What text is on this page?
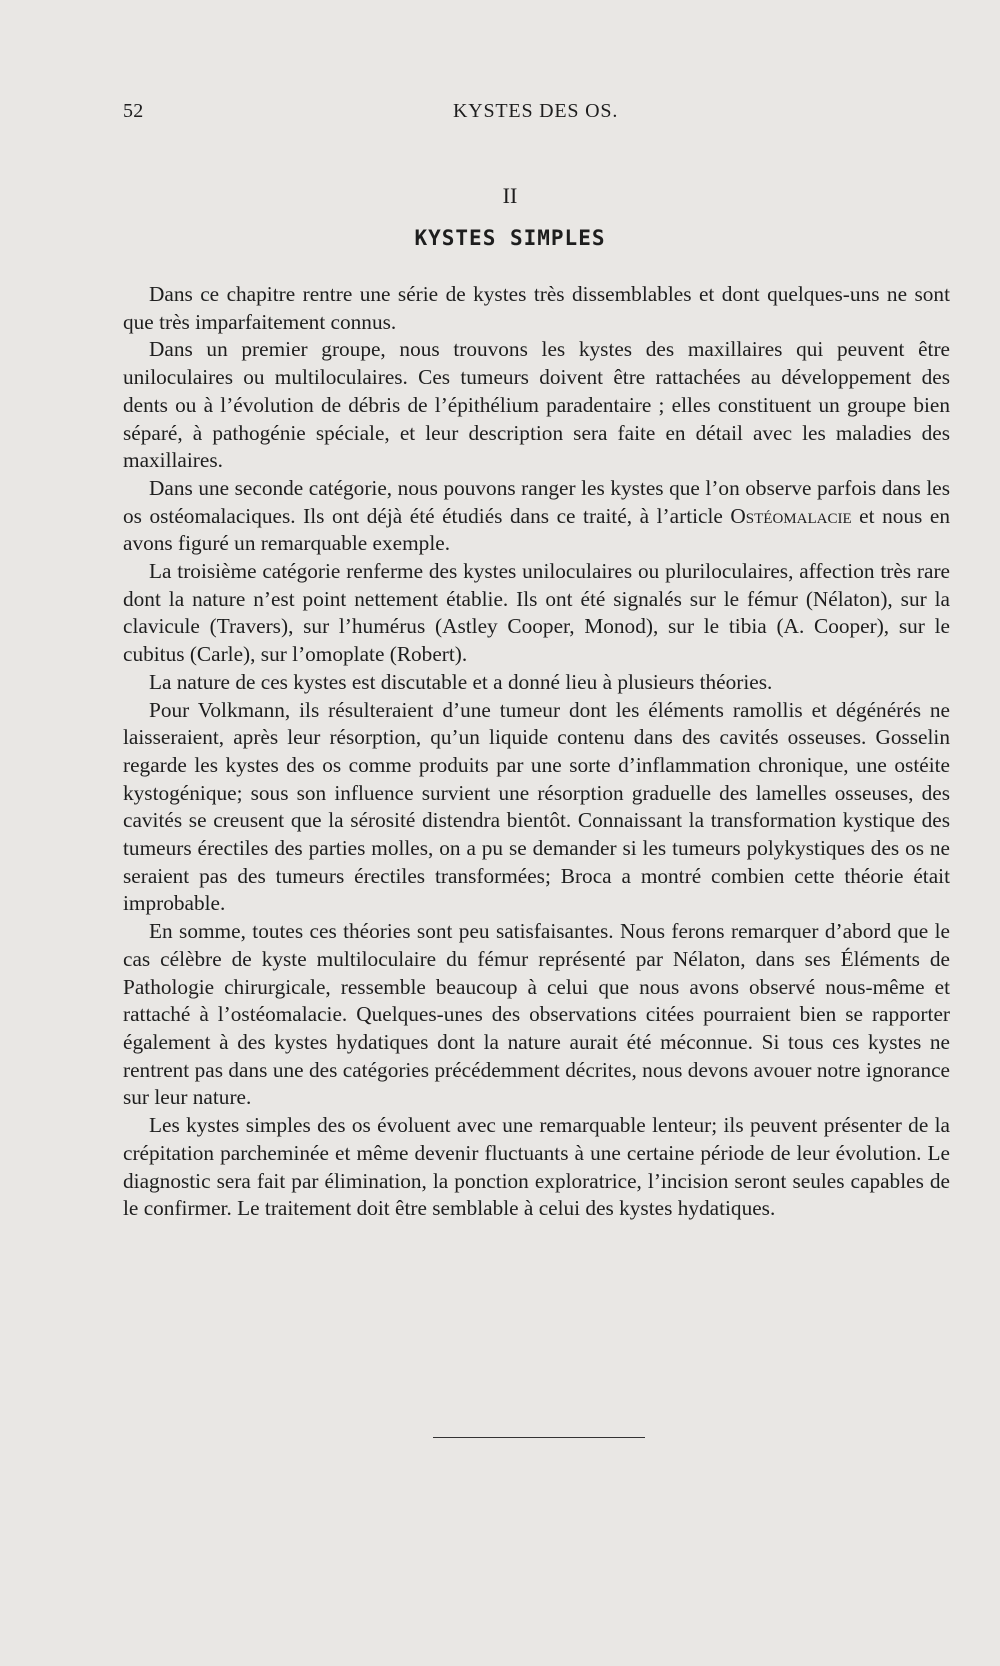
52	KYSTES DES OS.
II
KYSTES SIMPLES

Dans ce chapitre rentre une série de kystes très dissemblables et dont quelques-uns ne sont que très imparfaitement connus.

Dans un premier groupe, nous trouvons les kystes des maxillaires qui peuvent être uniloculaires ou multiloculaires. Ces tumeurs doivent être rattachées au développement des dents ou à l’évolution de débris de l’épithélium paradentaire ; elles constituent un groupe bien séparé, à pathogénie spéciale, et leur description sera faite en détail avec les maladies des maxillaires.

Dans une seconde catégorie, nous pouvons ranger les kystes que l’on observe parfois dans les os ostéomalaciques. Ils ont déjà été étudiés dans ce traité, à l’article Ostéomalacie et nous en avons figuré un remarquable exemple.

La troisième catégorie renferme des kystes uniloculaires ou pluriloculaires, affection très rare dont la nature n’est point nettement établie. Ils ont été signalés sur le fémur (Nélaton), sur la clavicule (Travers), sur l’humérus (Astley Cooper, Monod), sur le tibia (A. Cooper), sur le cubitus (Carle), sur l’omoplate (Robert).

La nature de ces kystes est discutable et a donné lieu à plusieurs théories.

Pour Volkmann, ils résulteraient d’une tumeur dont les éléments ramollis et dégénérés ne laisseraient, après leur résorption, qu’un liquide contenu dans des cavités osseuses. Gosselin regarde les kystes des os comme produits par une sorte d’inflammation chronique, une ostéite kystogénique; sous son influence survient une résorption graduelle des lamelles osseuses, des cavités se creusent que la sérosité distendra bientôt. Connaissant la transformation kystique des tumeurs érectiles des parties molles, on a pu se demander si les tumeurs polykystiques des os ne seraient pas des tumeurs érectiles transformées; Broca a montré combien cette théorie était improbable.

En somme, toutes ces théories sont peu satisfaisantes. Nous ferons remarquer d’abord que le cas célèbre de kyste multiloculaire du fémur représenté par Nélaton, dans ses Éléments de Pathologie chirurgicale, ressemble beaucoup à celui que nous avons observé nous-même et rattaché à l’ostéomalacie. Quelques-unes des observations citées pourraient bien se rapporter également à des kystes hydatiques dont la nature aurait été méconnue. Si tous ces kystes ne rentrent pas dans une des catégories précédemment décrites, nous devons avouer notre ignorance sur leur nature.

Les kystes simples des os évoluent avec une remarquable lenteur; ils peuvent présenter de la crépitation parcheminée et même devenir fluctuants à une certaine période de leur évolution. Le diagnostic sera fait par élimination, la ponction exploratrice, l’incision seront seules capables de le confirmer. Le traitement doit être semblable à celui des kystes hydatiques.
